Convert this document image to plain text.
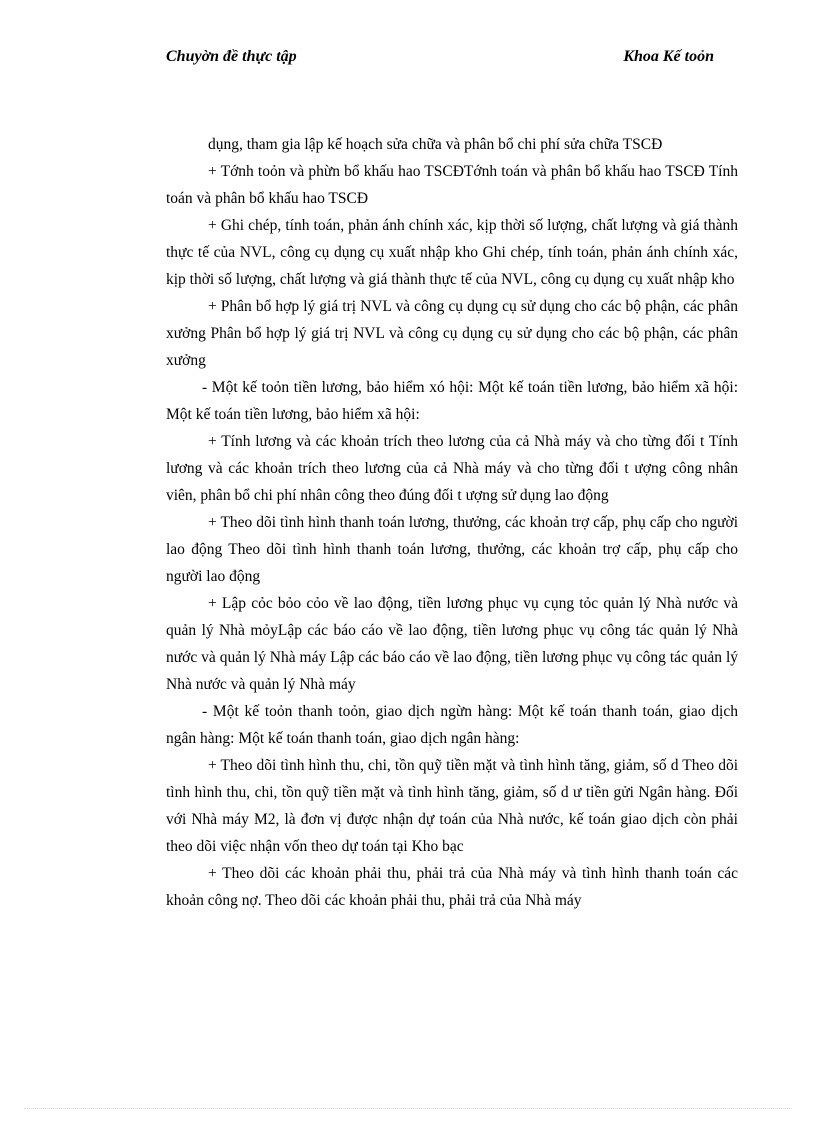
Chuyờn đề thực tập	Khoa Kế toỏn

dụng, tham gia lập kế hoạch sửa chữa và phân bổ chi phí sửa chữa TSCĐ

+ Tớnh toỏn và phừn bổ khấu hao TSCĐTớnh toán và phân bổ khấu hao TSCĐ Tính toán và phân bổ khấu hao TSCĐ

+ Ghi chép, tính toán, phản ánh chính xác, kịp thời số lượng, chất lượng và giá thành thực tế của NVL, công cụ dụng cụ xuất nhập kho Ghi chép, tính toán, phản ánh chính xác, kịp thời số lượng, chất lượng và giá thành thực tế của NVL, công cụ dụng cụ xuất nhập kho

+ Phân bổ hợp lý giá trị NVL và công cụ dụng cụ sử dụng cho các bộ phận, các phân xưởng Phân bổ hợp lý giá trị NVL và công cụ dụng cụ sử dụng cho các bộ phận, các phân xưởng

- Một kế toỏn tiền lương, bảo hiểm xó hội: Một kế toán tiền lương, bảo hiểm xã hội: Một kế toán tiền lương, bảo hiểm xã hội:

+ Tính lương và các khoản trích theo lương của cả Nhà máy và cho từng đối t Tính lương và các khoản trích theo lương của cả Nhà máy và cho từng đối t ượng công nhân viên, phân bổ chi phí nhân công theo đúng đối t ượng sử dụng lao động

+ Theo dõi tình hình thanh toán lương, thưởng, các khoản trợ cấp, phụ cấp cho người lao động Theo dõi tình hình thanh toán lương, thưởng, các khoản trợ cấp, phụ cấp cho người lao động

+ Lập cỏc bỏo cỏo về lao động, tiền lương phục vụ cụng tỏc quản lý Nhà nước và quản lý Nhà mỏyLập các báo cáo về lao động, tiền lương phục vụ công tác quản lý Nhà nước và quản lý Nhà máy Lập các báo cáo về lao động, tiền lương phục vụ công tác quản lý Nhà nước và quản lý Nhà máy

- Một kế toỏn thanh toỏn, giao dịch ngừn hàng: Một kế toán thanh toán, giao dịch ngân hàng: Một kế toán thanh toán, giao dịch ngân hàng:

+ Theo dõi tình hình thu, chi, tồn quỹ tiền mặt và tình hình tăng, giảm, số d Theo dõi tình hình thu, chi, tồn quỹ tiền mặt và tình hình tăng, giảm, số d ư tiền gửi Ngân hàng. Đối với Nhà máy M2, là đơn vị được nhận dự toán của Nhà nước, kế toán giao dịch còn phải theo dõi việc nhận vốn theo dự toán tại Kho bạc

+ Theo dõi các khoản phải thu, phải trả của Nhà máy và tình hình thanh toán các khoản công nợ. Theo dõi các khoản phải thu, phải trả của Nhà máy
